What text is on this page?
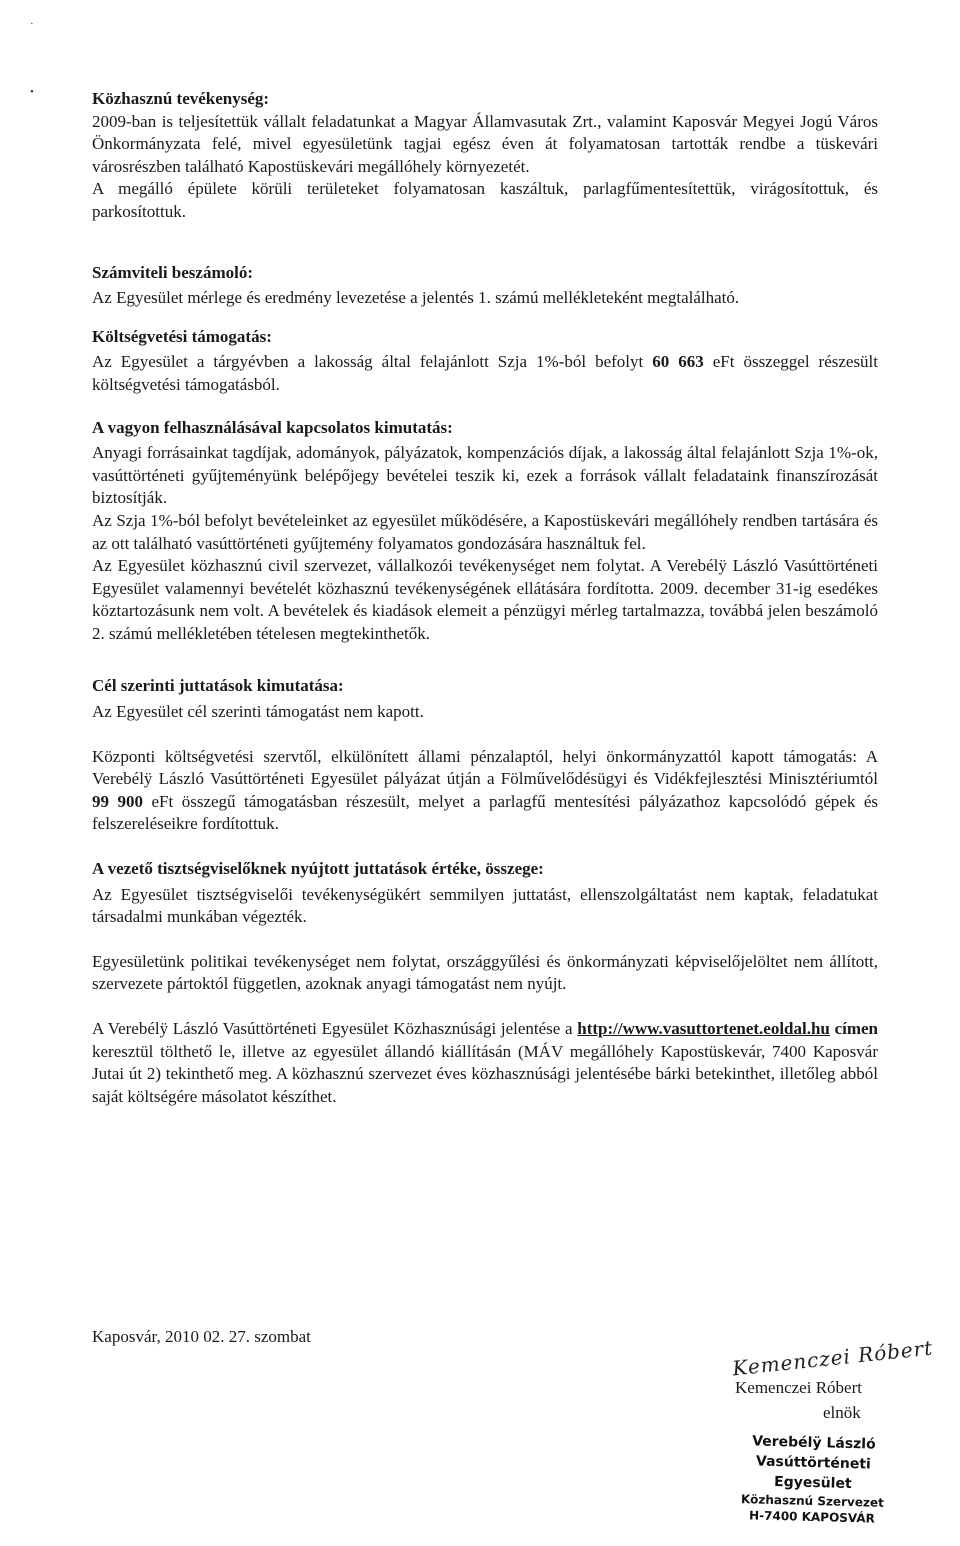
·
•	Közhasznú tevékenység:

2009-ban is teljesítettük vállalt feladatunkat a Magyar Államvasutak Zrt., valamint Kaposvár Megyei Jogú Város Önkormányzata felé, mivel egyesületünk tagjai egész éven át folyamatosan tartották rendbe a tüskevári városrészben található Kapostüskevári megállóhely környezetét.

A megálló épülete körüli területeket folyamatosan kaszáltuk, parlagfűmentesítettük, virágosítottuk, és parkosítottuk.

Számviteli beszámoló:

Az Egyesület mérlege és eredmény levezetése a jelentés 1. számú mellékleteként megtalálható.

Költségvetési támogatás:

Az Egyesület a tárgyévben a lakosság által felajánlott Szja 1%-ból befolyt 60 663 eFt összeggel részesült költségvetési támogatásból.

A vagyon felhasználásával kapcsolatos kimutatás:

Anyagi forrásainkat tagdíjak, adományok, pályázatok, kompenzációs díjak, a lakosság által felajánlott Szja 1%-ok, vasúttörténeti gyűjteményünk belépőjegy bevételei teszik ki, ezek a források vállalt feladataink finanszírozását biztosítják.

Az Szja 1%-ból befolyt bevételeinket az egyesület működésére, a Kapostüskevári megállóhely rendben tartására és az ott található vasúttörténeti gyűjtemény folyamatos gondozására használtuk fel.

Az Egyesület közhasznú civil szervezet, vállalkozói tevékenységet nem folytat. A Verebélÿ László Vasúttörténeti Egyesület valamennyi bevételét közhasznú tevékenységének ellátására fordította. 2009. december 31-ig esedékes köztartozásunk nem volt. A bevételek és kiadások elemeit a pénzügyi mérleg tartalmazza, továbbá jelen beszámoló 2. számú mellékletében tételesen megtekinthetők.

Cél szerinti juttatások kimutatása:

Az Egyesület cél szerinti támogatást nem kapott.

Központi költségvetési szervtől, elkülönített állami pénzalaptól, helyi önkormányzattól kapott támogatás: A Verebélÿ László Vasúttörténeti Egyesület pályázat útján a Fölművelődésügyi és Vidékfejlesztési Minisztériumtól 99 900 eFt összegű támogatásban részesült, melyet a parlagfű mentesítési pályázathoz kapcsolódó gépek és felszereléseikre fordítottuk.

A vezető tisztségviselőknek nyújtott juttatások értéke, összege:

Az Egyesület tisztségviselői tevékenységükért semmilyen juttatást, ellenszolgáltatást nem kaptak, feladatukat társadalmi munkában végezték.

Egyesületünk politikai tevékenységet nem folytat, országgyűlési és önkormányzati képviselőjelöltet nem állított, szervezete pártoktól független, azoknak anyagi támogatást nem nyújt.

A Verebélÿ László Vasúttörténeti Egyesület Közhasznúsági jelentése a http://www.vasuttortenet.eoldal.hu címen keresztül tölthető le, illetve az egyesület állandó kiállításán (MÁV megállóhely Kapostüskevár, 7400 Kaposvár Jutai út 2) tekinthető meg. A közhasznú szervezet éves közhasznúsági jelentésébe bárki betekinthet, illetőleg abból saját költségére másolatot készíthet.

Kaposvár, 2010 02. 27. szombat	Kemenczei Róbert
Kemenczei Róbert
elnök
Verebélÿ László
Vasúttörténeti Egyesület
Közhasznú Szervezet
H-7400 KAPOSVÁR
